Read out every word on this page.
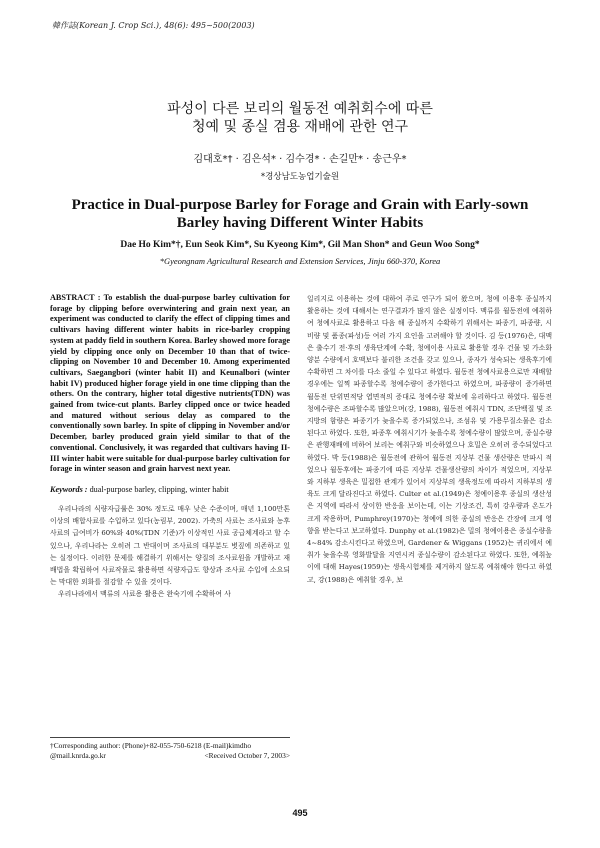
韓作誌(Korean J. Crop Sci.), 48(6): 495~500(2003)
파성이 다른 보리의 월동전 예취회수에 따른
청예 및 종실 겸용 재배에 관한 연구
김대호*† · 김은석* · 김수경* · 손길만* · 송근우*
*경상남도농업기술원
Practice in Dual-purpose Barley for Forage and Grain with Early-sown
Barley having Different Winter Habits
Dae Ho Kim*†, Eun Seok Kim*, Su Kyeong Kim*, Gil Man Shon* and Geun Woo Song*
*Gyeongnam Agricultural Research and Extension Services, Jinju 660-370, Korea

ABSTRACT : To establish the dual-purpose barley cultivation for forage by clipping before overwintering and grain next year, an experiment was conducted to clarify the effect of clipping times and cultivars having different winter habits in rice-barley cropping system at paddy field in southern Korea. Barley showed more forage yield by clipping once only on December 10 than that of twice-clipping on November 10 and December 10. Among experimented cultivars, Saegangbori (winter habit II) and Keunalbori (winter habit IV) produced higher forage yield in one time clipping than the others. On the contrary, higher total digestive nutrients(TDN) was gained from twice-cut plants. Barley clipped once or twice headed and matured without serious delay as compared to the conventionally sown barley. In spite of clipping in November and/or December, barley produced grain yield similar to that of the conventional. Conclusively, it was regarded that cultivars having II-III winter habit were suitable for dual-purpose barley cultivation for forage in winter season and grain harvest next year.

Keywords : dual-purpose barley, clipping, winter habit

우리나라의 식량자급률은 30% 정도로 매우 낮은 수준이며, 매년 1,100만톤 이상의 배합사료를 수입하고 있다(농림부, 2002). 가축의 사료는 조사료와 농후사료의 급여비가 60%와 40%(TDN 기준)가 이상적인 사료 공급체계라고 할 수 있으나, 우리나라는 오히려 그 반대이며 조사료의 대부분도 볏짚에 의존하고 있는 실정이다. 이러한 문제를 해결하기 위해서는 양질의 조사료원을 개발하고 재배법을 확립하여 사료작물로 활용하면 식량자급도 향상과 조사료 수입에 소요되는 막대한 외화를 절감할 수 있을 것이다.

우리나라에서 맥류의 사료용 활용은 완숙기에 수확하여 사

일리지로 이용하는 것에 대하여 주로 연구가 되어 왔으며, 청예 이용후 종실까지 활용하는 것에 대해서는 연구결과가 많지 않은 실정이다. 맥류를 월동전에 예취하여 청예사료로 활용하고 다음 해 종실까지 수확하기 위해서는 파종기, 파종량, 시비량 및 품종(파성)등 여러 가지 요인을 고려해야 할 것이다. 김 등(1976)은, 대맥은 출수기 전·후의 생육단계에 수확, 청예이용 사료로 활용할 경우 건물 및 가소화양분 수량에서 호맥보다 불리한 조건을 갖고 있으나, 종자가 성숙되는 생육후기에 수확하면 그 차이를 다소 줄일 수 있다고 하였다. 월동전 청예사료용으로만 재배할 경우에는 일찍 파종할수록 청예수량이 증가한다고 하였으며, 파종량이 증가하면 월동전 단위면적당 엽면적의 증대로 청예수량 확보에 유리하다고 하였다. 월동전 청예수량은 조파할수록 많았으며(강, 1988), 월동전 예취시 TDN, 조단백질 및 조지방의 함량은 파종기가 늦을수록 증가되었으나, 조섬유 및 가용무질소물은 감소된다고 하였다. 또한, 파종후 예취시기가 늦을수록 청예수량이 많았으며, 종실수량은 관행재배에 비하여 보리는 예취구와 비슷하였으나 호밀은 오히려 증수되었다고 하였다. 박 등(1988)은 월동전에 관하여 월동전 지상부 건물 생산량은 만파시 적었으나 월동후에는 파종기에 따른 지상부 건물생산량의 차이가 적었으며, 지상부와 지하부 생육은 밀접한 관계가 있어서 지상부의 생육정도에 따라서 지하부의 생육도 크게 달라진다고 하였다. Culter et al.(1949)은 청예이용후 종실의 생산성은 지역에 따라서 상이한 반응을 보이는데, 이는 기상조건, 특히 강우량과 온도가 크게 작용하며, Pumphrey(1970)는 청예에 의한 종실의 반응은 간장에 크게 영향을 받는다고 보고하였다. Dunphy et al.(1982)은 밀의 청예이용은 종실수량을 4~84% 감소시킨다고 하였으며, Gardener & Wiggans (1952)는 귀리에서 예취가 늦을수록 영화발달을 지연시켜 종실수량이 감소된다고 하였다. 또한, 예취높이에 대해 Hayes(1959)는 생육시험체를 제거하지 않도록 예취해야 한다고 하였고, 강(1988)은 예취할 경우, 보

†Corresponding author: (Phone)+82-055-750-6218 (E-mail)kimdho
@mail.knrda.go.kr	<Received October 7, 2003>
495
